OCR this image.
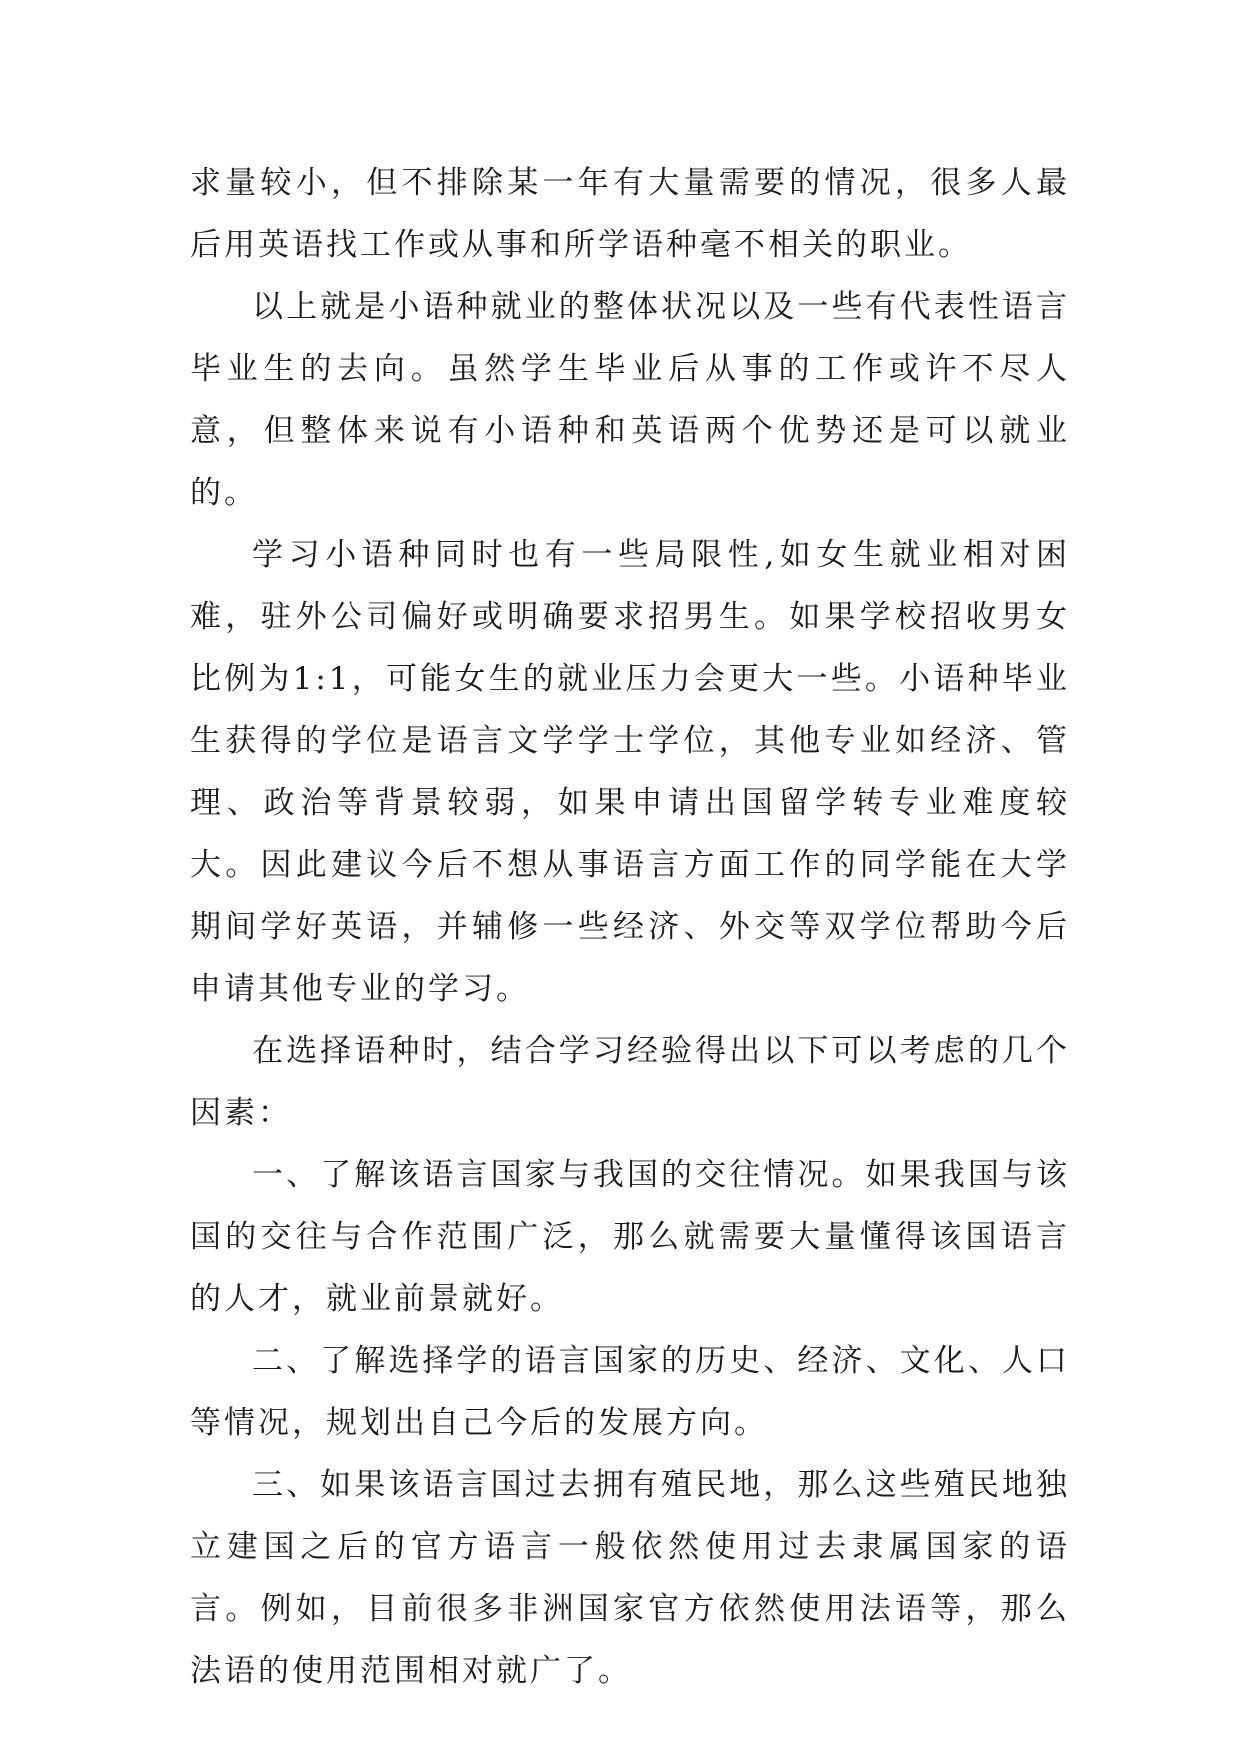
求量较小，但不排除某一年有大量需要的情况，很多人最后用英语找工作或从事和所学语种毫不相关的职业。

以上就是小语种就业的整体状况以及一些有代表性语言毕业生的去向。虽然学生毕业后从事的工作或许不尽人意，但整体来说有小语种和英语两个优势还是可以就业的。

学习小语种同时也有一些局限性,如女生就业相对困难，驻外公司偏好或明确要求招男生。如果学校招收男女比例为1:1，可能女生的就业压力会更大一些。小语种毕业生获得的学位是语言文学学士学位，其他专业如经济、管理、政治等背景较弱，如果申请出国留学转专业难度较大。因此建议今后不想从事语言方面工作的同学能在大学期间学好英语，并辅修一些经济、外交等双学位帮助今后申请其他专业的学习。

在选择语种时，结合学习经验得出以下可以考虑的几个因素：

一、了解该语言国家与我国的交往情况。如果我国与该国的交往与合作范围广泛，那么就需要大量懂得该国语言的人才，就业前景就好。

二、了解选择学的语言国家的历史、经济、文化、人口等情况，规划出自己今后的发展方向。

三、如果该语言国过去拥有殖民地，那么这些殖民地独立建国之后的官方语言一般依然使用过去隶属国家的语言。例如，目前很多非洲国家官方依然使用法语等，那么法语的使用范围相对就广了。
